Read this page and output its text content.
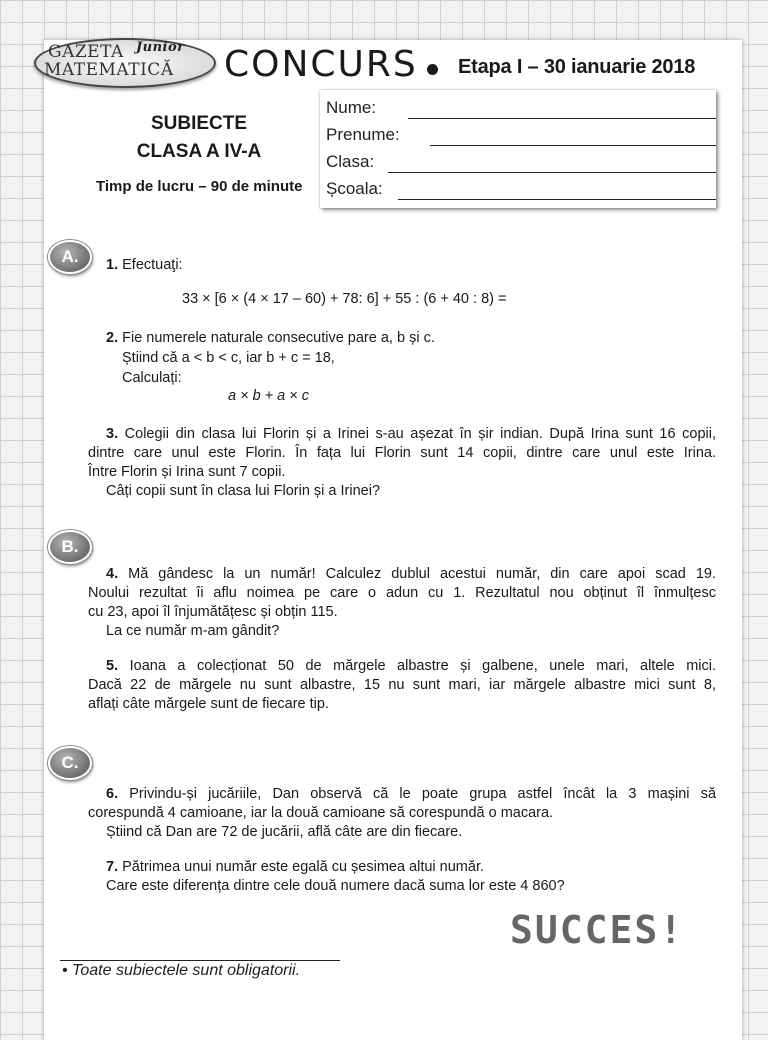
GAZETA Junior
MATEMATICĂ CONCURS Etapa I – 30 ianuarie 2018
SUBIECTE
CLASA A IV-A
Timp de lucru – 90 de minute
Nume:
Prenume:
Clasa:
Școala:
A.	1. Efectuaţi:
33 × [6 × (4 × 17 – 60) + 78: 6] + 55 : (6 + 40 : 8) =
2. Fie numerele naturale consecutive pare a, b și c.
Știind că a < b < c, iar b + c = 18,
Calculați:
a × b + a × c
3. Colegii din clasa lui Florin și a Irinei s-au așezat în șir indian. După Irina sunt 16 copii,
dintre care unul este Florin. În fața lui Florin sunt 14 copii, dintre care unul este Irina.
Între Florin și Irina sunt 7 copii.
Câți copii sunt în clasa lui Florin și a Irinei?
B.
4. Mă gândesc la un număr! Calculez dublul acestui număr, din care apoi scad 19.
Noului rezultat îi aflu noimea pe care o adun cu 1. Rezultatul nou obținut îl înmulțesc
cu 23, apoi îl înjumătățesc și obțin 115.
La ce număr m-am gândit?
5. Ioana a colecționat 50 de mărgele albastre și galbene, unele mari, altele mici.
Dacă 22 de mărgele nu sunt albastre, 15 nu sunt mari, iar mărgele albastre mici sunt 8,
aflați câte mărgele sunt de fiecare tip.
C.
6. Privindu-și jucăriile, Dan observă că le poate grupa astfel încât la 3 mașini să
corespundă 4 camioane, iar la două camioane să corespundă o macara.
Știind că Dan are 72 de jucării, află câte are din fiecare.
7. Pătrimea unui număr este egală cu șesimea altui număr.
Care este diferența dintre cele două numere dacă suma lor este 4 860?
SUCCES!
• Toate subiectele sunt obligatorii.
